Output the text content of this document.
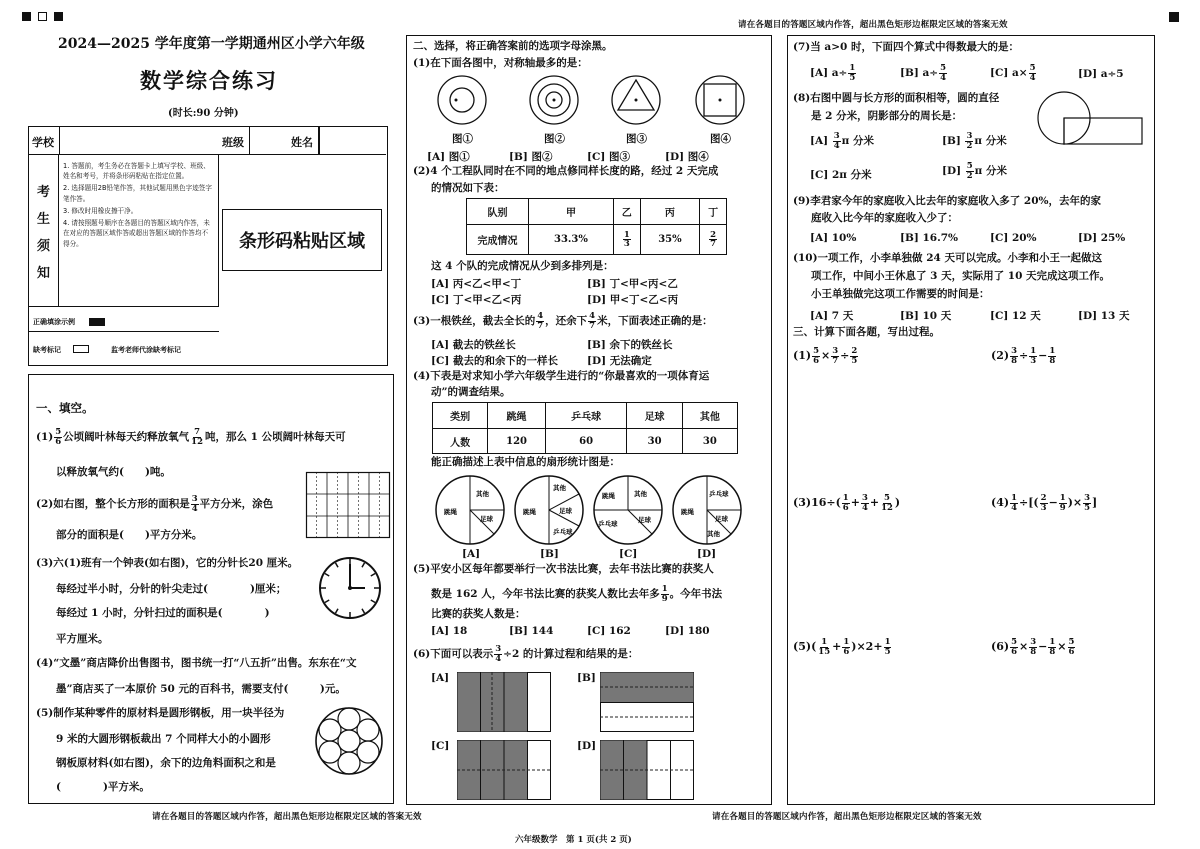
请在各题目的答题区域内作答，超出黑色矩形边框限定区域的答案无效
2024—2025 学年度第一学期通州区小学六年级
数学综合练习
(时长:90 分钟)
学校	班级	姓名
考
生
须
知

1. 答题前，考生务必在答题卡上填写学校、班级、姓名和考号，并将条形码粘贴在指定位置。

2. 选择题用2B铅笔作答，其他试题用黑色字迹签字笔作答。

3. 修改时用橡皮擦干净。

4. 请按照题号顺序在各题目的答题区域内作答，未在对应的答题区域作答或超出答题区域的作答均不得分。	条形码粘贴区域
正确填涂示例
缺考标记	监考老师代涂缺考标记
一、填空。
$(1) \frac{5}{6}$ 公顷阔叶林每天约释放氧气 $\frac{7}{12}$ 吨，那么 1 公顷阔叶林每天可
以释放氧气约(　　)吨。
(2)如右图，整个长方形的面积是 $\frac{3}{4}$ 平方分米，涂色
部分的面积是(　　)平方分米。
(3)六(1)班有一个钟表(如右图)，它的分针长20 厘米。
每经过半小时，分针的针尖走过(　　　　)厘米；
每经过 1 小时，分针扫过的面积是(　　　　)
平方厘米。
(4)“文墨”商店降价出售图书，图书统一打“八五折”出售。东东在“文
墨”商店买了一本原价 50 元的百科书，需要支付(　　　)元。
(5)制作某种零件的原材料是圆形钢板，用一块半径为
9 米的大圆形钢板裁出 7 个同样大小的小圆形
钢板原材料(如右图)，余下的边角料面积之和是
(　　　　)平方米。
请在各题目的答题区域内作答，超出黑色矩形边框限定区域的答案无效
二、选择，将正确答案前的选项字母涂黑。
(1)在下面各图中，对称轴最多的是：
图①	图②	图③	图④
[A] 图①	[B] 图②	[C] 图③	[D] 图④
(2)4 个工程队同时在不同的地点修同样长度的路，经过 2 天完成
的情况如下表：
队别	甲	乙	丙	丁
完成情况	33.3%	$\frac{1}{3}$	35%	$\frac{2}{7}$
这 4 个队的完成情况从少到多排列是：
[A] 丙<乙<甲<丁	[B] 丁<甲<丙<乙
[C] 丁<甲<乙<丙	[D] 甲<丁<乙<丙
(3)一根铁丝，截去全长的 $\frac{4}{7}$ ，还余下 $\frac{4}{7}$ 米，下面表述正确的是：
[A] 截去的铁丝长	[B] 余下的铁丝长
[C] 截去的和余下的一样长	[D] 无法确定
(4)下表是对求知小学六年级学生进行的“你最喜欢的一项体育运
动”的调查结果。
类别	跳绳	乒乓球	足球	其他
人数	120	60	30	30
能正确描述上表中信息的扇形统计图是：
跳绳
其他
足球
跳绳
其他
足球
乒乓球
跳绳	其他
乒乓球	足球
跳绳
乒乓球
足球
其他
[A]	[B]	[C]	[D]
(5)平安小区每年都要举行一次书法比赛，去年书法比赛的获奖人
数是 162 人，今年书法比赛的获奖人数比去年多 $\frac{1}{9}$ 。今年书法
比赛的获奖人数是：
[A] 18	[B] 144	[C] 162	[D] 180
(6)下面可以表示 $\frac{3}{4} \div 2$ 的计算过程和结果的是：
[A]	[B]
[C]	[D]
(7)当 a>0 时，下面四个算式中得数最大的是：
[A] $a\div \frac{1}{5}$	[B] $a\div \frac{5}{4}$	[C] $a\times \frac{5}{4}$	[D] a÷5
(8)右图中圆与长方形的面积相等，圆的直径
是 2 分米，阴影部分的周长是：
$[A] \frac{3}{4}$ π 分米	$[B] \frac{3}{2}$ π 分米
[C] 2π 分米	$[D] \frac{5}{2}$ π 分米
(9)李君家今年的家庭收入比去年的家庭收入多了 20%，去年的家
庭收入比今年的家庭收入少了：
[A] 10%	[B] 16.7%	[C] 20%	[D] 25%
(10)一项工作，小李单独做 24 天可以完成。小李和小王一起做这
项工作，中间小王休息了 3 天，实际用了 10 天完成这项工作。
小王单独做完这项工作需要的时间是：
[A] 7 天	[B] 10 天	[C] 12 天	[D] 13 天
三、计算下面各题，写出过程。
$(1) \frac{5}{6} \times \frac{3}{7} \div \frac{2}{5}$	$(2) \frac{3}{8} \div \frac{1}{3} - \frac{1}{8}$
$(3)16\div( \frac{1}{6} + \frac{3}{4} + \frac{5}{12}$ )	$(4) \frac{1}{4}$ ÷[( $\frac{2}{3} - \frac{1}{9}$ )× $\frac{3}{5}$ ]
$(5)( \frac{1}{15} + \frac{1}{6} )\times 2+ \frac{1}{5}$	$(6) \frac{5}{6} \times \frac{3}{8} - \frac{1}{8} \times \frac{5}{6}$
请在各题目的答题区域内作答，超出黑色矩形边框限定区域的答案无效
六年级数学　第 1 页(共 2 页)
